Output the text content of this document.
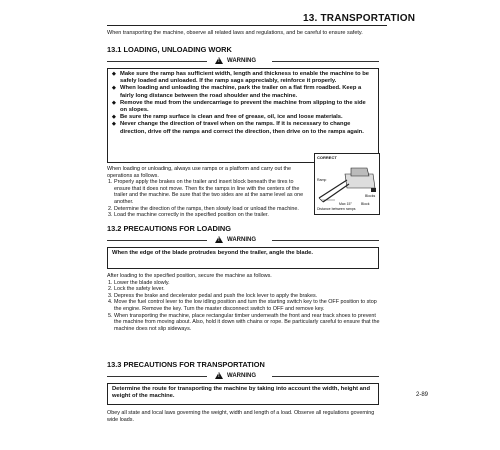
13. TRANSPORTATION
When transporting the machine, observe all related laws and regulations, and be careful to ensure safety.
13.1 LOADING, UNLOADING WORK
!
WARNING
◆ Make sure the ramp has sufficient width, length and thickness to enable the machine to be safely loaded and unloaded. If the ramp sags appreciably, reinforce it properly.
◆ When loading and unloading the machine, park the trailer on a flat firm roadbed. Keep a fairly long distance between the road shoulder and the machine.
◆ Remove the mud from the undercarriage to prevent the machine from slipping to the side on slopes.
◆ Be sure the ramp surface is clean and free of grease, oil, ice and loose materials.
◆ Never change the direction of travel when on the ramps. If it is necessary to change direction, drive off the ramps and correct the direction, then drive on to the ramps again.
When loading or unloading, always use ramps or a platform and carry out the operations as follows.
1. Properly apply the brakes on the trailer and insert block beneath the tires to ensure that it does not move. Then fix the ramps in line with the centers of the trailer and the machine. Be sure that the two sides are at the same level as one another.
2. Determine the direction of the ramps, then slowly load or unload the machine.
3. Load the machine correctly in the specified position on the trailer.
CORRECT
Ramp
Blocks
Max 15°	Block
Distance between ramps
13.2 PRECAUTIONS FOR LOADING
!
WARNING
When the edge of the blade protrudes beyond the trailer, angle the blade.
After loading to the specified position, secure the machine as follows.
1. Lower the blade slowly.
2. Lock the safety lever.
3. Depress the brake and decelerator pedal and push the lock lever to apply the brakes.
4. Move the fuel control lever to the low idling position and turn the starting switch key to the OFF position to stop the engine. Remove the key. Turn the master disconnect switch to OFF and remove key.
5. When transporting the machine, place rectangular timber underneath the front and rear track shoes to prevent the machine from moving about. Also, hold it down with chains or rope. Be particularly careful to ensure that the machine does not slip sideways.
13.3 PRECAUTIONS FOR TRANSPORTATION
!
WARNING
Determine the route for transporting the machine by taking into account the width, height and weight of the machine.
Obey all state and local laws governing the weight, width and length of a load. Observe all regulations governing wide loads.
2-89
